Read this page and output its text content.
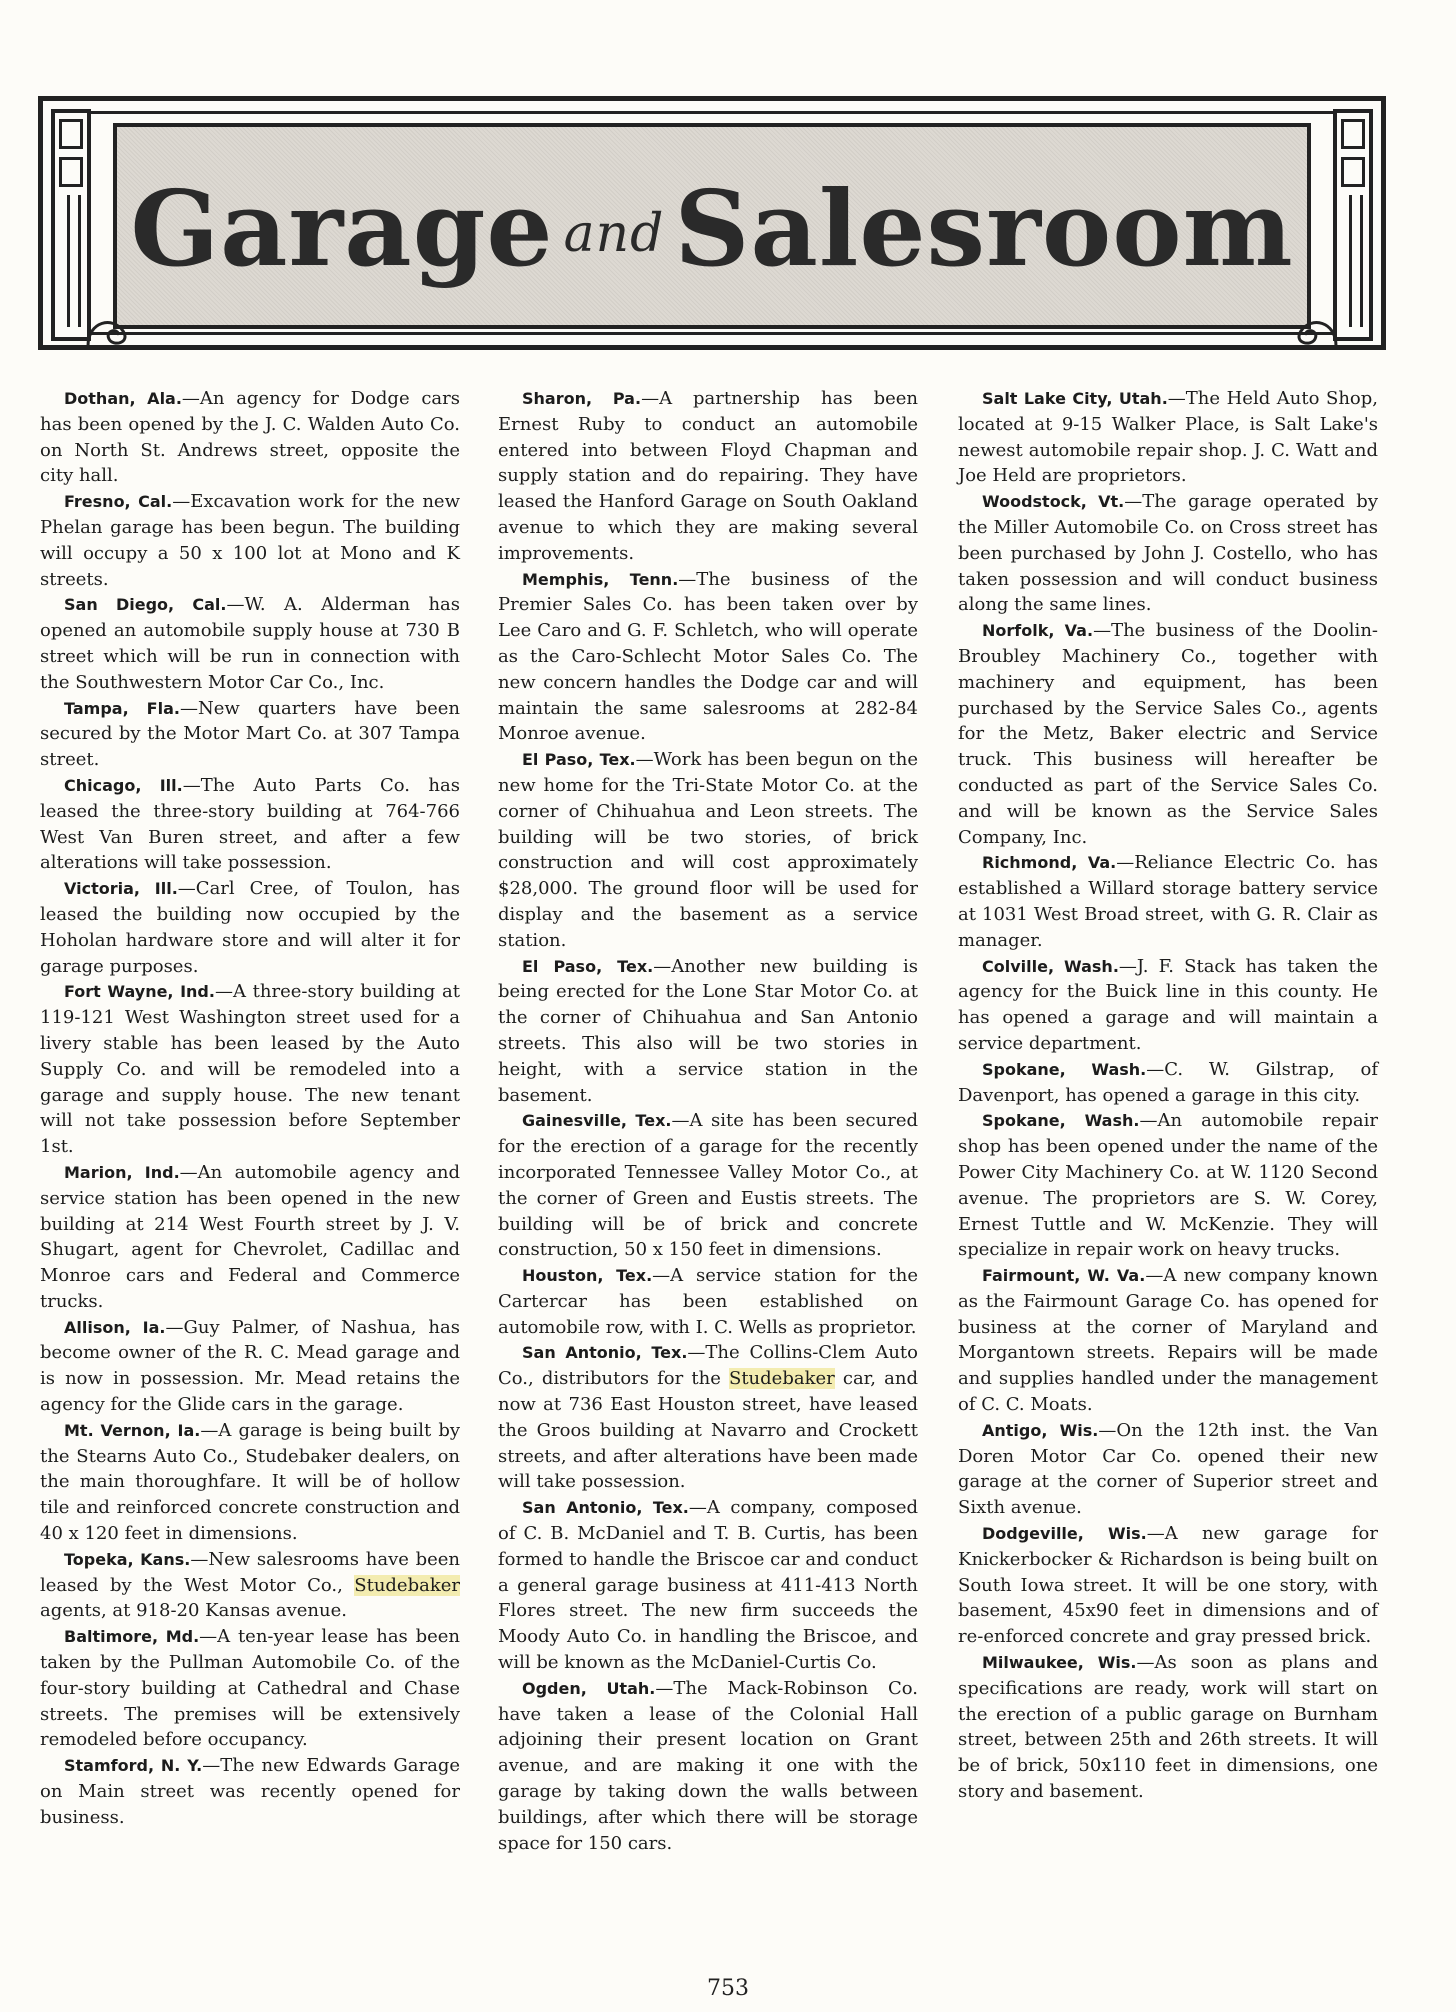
Garage andSalesroom

Dothan, Ala.—An agency for Dodge cars has been opened by the J. C. Walden Auto Co. on North St. Andrews street, opposite the city hall.

Fresno, Cal.—Excavation work for the new Phelan garage has been begun. The building will occupy a 50 x 100 lot at Mono and K streets.

San Diego, Cal.—W. A. Alderman has opened an automobile supply house at 730 B street which will be run in connection with the Southwestern Motor Car Co., Inc.

Tampa, Fla.—New quarters have been secured by the Motor Mart Co. at 307 Tampa street.

Chicago, Ill.—The Auto Parts Co. has leased the three-story building at 764-766 West Van Buren street, and after a few alterations will take possession.

Victoria, Ill.—Carl Cree, of Toulon, has leased the building now occupied by the Hoholan hardware store and will alter it for garage purposes.

Fort Wayne, Ind.—A three-story building at 119-121 West Washington street used for a livery stable has been leased by the Auto Supply Co. and will be remodeled into a garage and supply house. The new tenant will not take possession before September 1st.

Marion, Ind.—An automobile agency and service station has been opened in the new building at 214 West Fourth street by J. V. Shugart, agent for Chevrolet, Cadillac and Monroe cars and Federal and Commerce trucks.

Allison, Ia.—Guy Palmer, of Nashua, has become owner of the R. C. Mead garage and is now in possession. Mr. Mead retains the agency for the Glide cars in the garage.

Mt. Vernon, Ia.—A garage is being built by the Stearns Auto Co., Studebaker dealers, on the main thoroughfare. It will be of hollow tile and reinforced concrete construction and 40 x 120 feet in dimensions.

Topeka, Kans.—New salesrooms have been leased by the West Motor Co., Studebaker agents, at 918-20 Kansas avenue.

Baltimore, Md.—A ten-year lease has been taken by the Pullman Automobile Co. of the four-story building at Cathedral and Chase streets. The premises will be extensively remodeled before occupancy.

Stamford, N. Y.—The new Edwards Garage on Main street was recently opened for business.

Sharon, Pa.—A partnership has been Ernest Ruby to conduct an automobile entered into between Floyd Chapman and supply station and do repairing. They have leased the Hanford Garage on South Oakland avenue to which they are making several improvements.

Memphis, Tenn.—The business of the Premier Sales Co. has been taken over by Lee Caro and G. F. Schletch, who will operate as the Caro-Schlecht Motor Sales Co. The new concern handles the Dodge car and will maintain the same salesrooms at 282-84 Monroe avenue.

El Paso, Tex.—Work has been begun on the new home for the Tri-State Motor Co. at the corner of Chihuahua and Leon streets. The building will be two stories, of brick construction and will cost approximately $28,000. The ground floor will be used for display and the basement as a service station.

El Paso, Tex.—Another new building is being erected for the Lone Star Motor Co. at the corner of Chihuahua and San Antonio streets. This also will be two stories in height, with a service station in the basement.

Gainesville, Tex.—A site has been secured for the erection of a garage for the recently incorporated Tennessee Valley Motor Co., at the corner of Green and Eustis streets. The building will be of brick and concrete construction, 50 x 150 feet in dimensions.

Houston, Tex.—A service station for the Cartercar has been established on automobile row, with I. C. Wells as proprietor.

San Antonio, Tex.—The Collins-Clem Auto Co., distributors for the Studebaker car, and now at 736 East Houston street, have leased the Groos building at Navarro and Crockett streets, and after alterations have been made will take possession.

San Antonio, Tex.—A company, composed of C. B. McDaniel and T. B. Curtis, has been formed to handle the Briscoe car and conduct a general garage business at 411-413 North Flores street. The new firm succeeds the Moody Auto Co. in handling the Briscoe, and will be known as the McDaniel-Curtis Co.

Ogden, Utah.—The Mack-Robinson Co. have taken a lease of the Colonial Hall adjoining their present location on Grant avenue, and are making it one with the garage by taking down the walls between buildings, after which there will be storage space for 150 cars.

Salt Lake City, Utah.—The Held Auto Shop, located at 9-15 Walker Place, is Salt Lake's newest automobile repair shop. J. C. Watt and Joe Held are proprietors.

Woodstock, Vt.—The garage operated by the Miller Automobile Co. on Cross street has been purchased by John J. Costello, who has taken possession and will conduct business along the same lines.

Norfolk, Va.—The business of the Doolin-Broubley Machinery Co., together with machinery and equipment, has been purchased by the Service Sales Co., agents for the Metz, Baker electric and Service truck. This business will hereafter be conducted as part of the Service Sales Co. and will be known as the Service Sales Company, Inc.

Richmond, Va.—Reliance Electric Co. has established a Willard storage battery service at 1031 West Broad street, with G. R. Clair as manager.

Colville, Wash.—J. F. Stack has taken the agency for the Buick line in this county. He has opened a garage and will maintain a service department.

Spokane, Wash.—C. W. Gilstrap, of Davenport, has opened a garage in this city.

Spokane, Wash.—An automobile repair shop has been opened under the name of the Power City Machinery Co. at W. 1120 Second avenue. The proprietors are S. W. Corey, Ernest Tuttle and W. McKenzie. They will specialize in repair work on heavy trucks.

Fairmount, W. Va.—A new company known as the Fairmount Garage Co. has opened for business at the corner of Maryland and Morgantown streets. Repairs will be made and supplies handled under the management of C. C. Moats.

Antigo, Wis.—On the 12th inst. the Van Doren Motor Car Co. opened their new garage at the corner of Superior street and Sixth avenue.

Dodgeville, Wis.—A new garage for Knickerbocker & Richardson is being built on South Iowa street. It will be one story, with basement, 45x90 feet in dimensions and of re-enforced concrete and gray pressed brick.

Milwaukee, Wis.—As soon as plans and specifications are ready, work will start on the erection of a public garage on Burnham street, between 25th and 26th streets. It will be of brick, 50x110 feet in dimensions, one story and basement.

753
